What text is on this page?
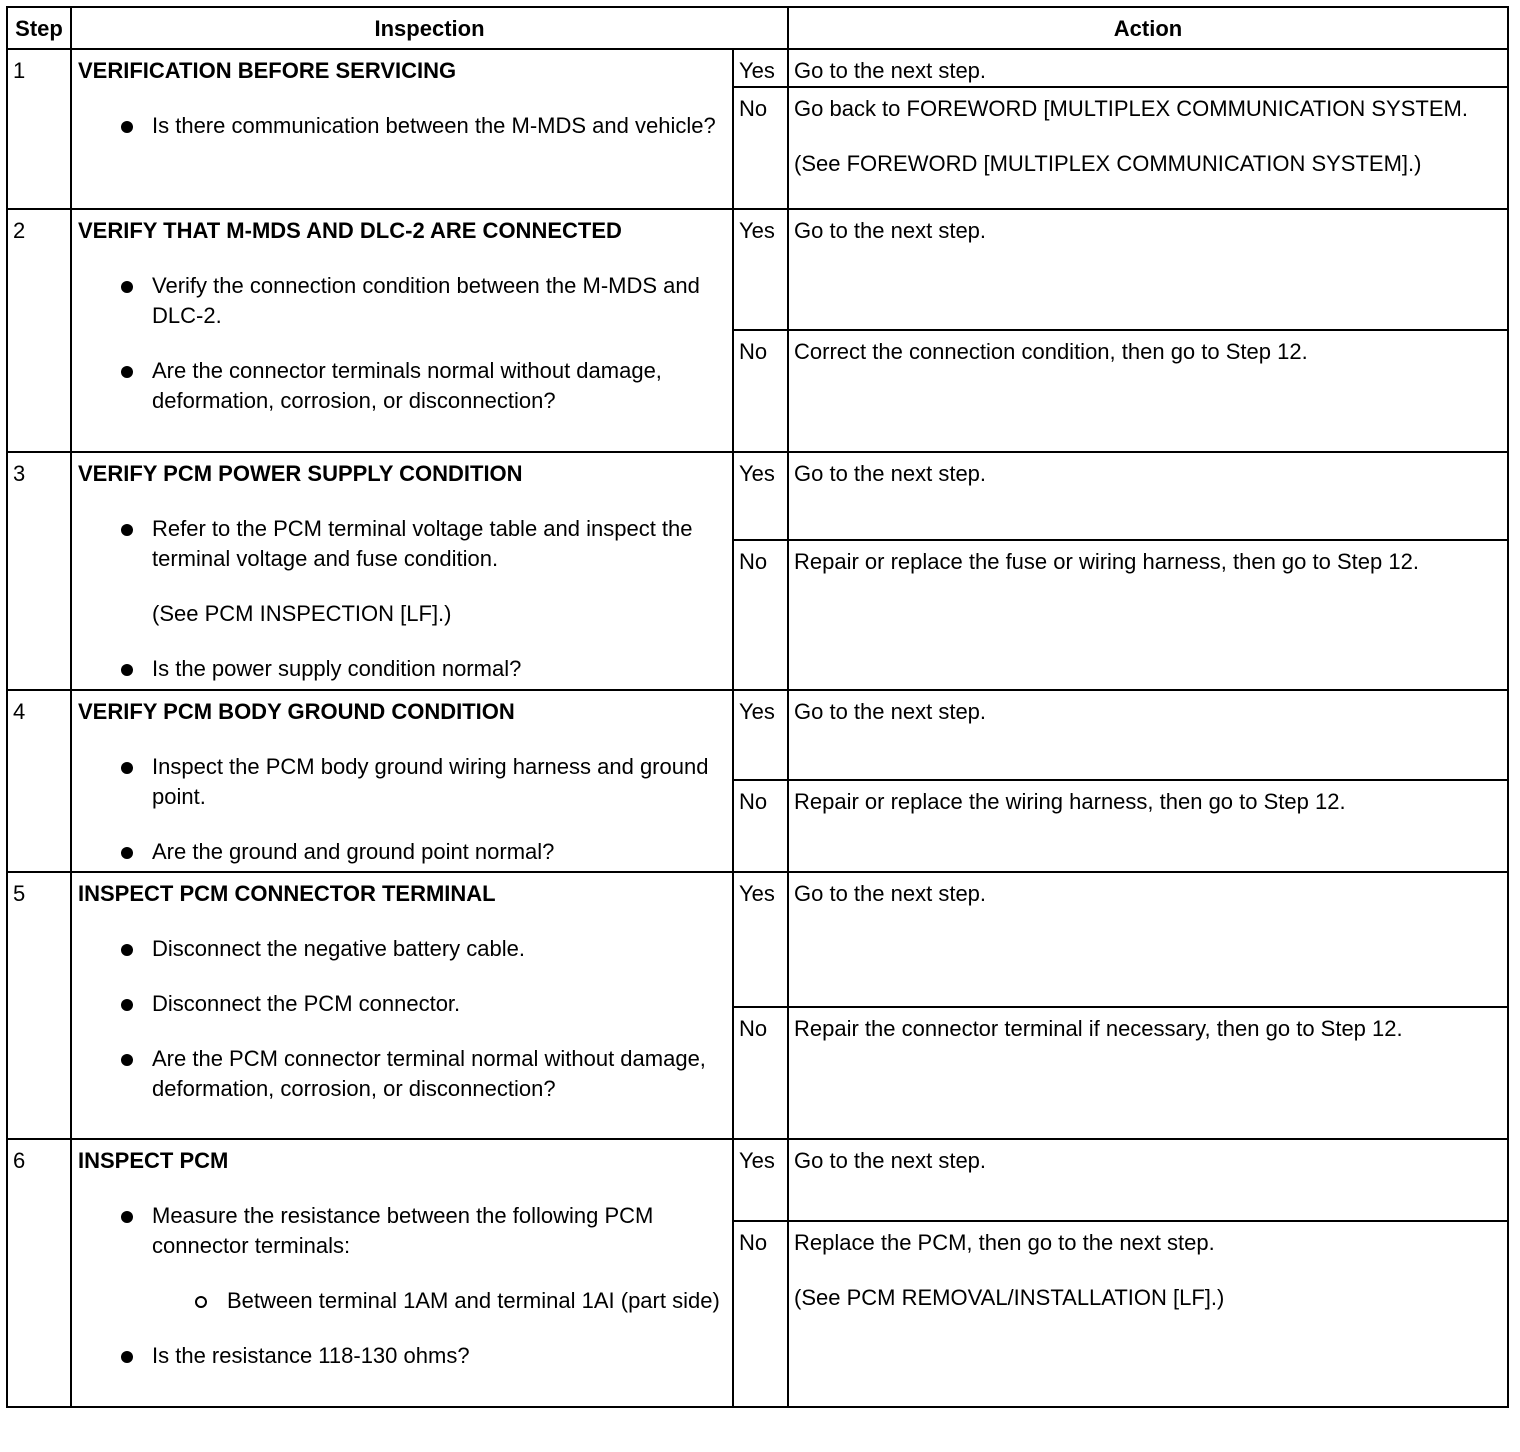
Step	Inspection		Action
1	VERIFICATION BEFORE SERVICING
Is there communication between the M-MDS and vehicle?	Yes	Go to the next step.
		No	Go back to FOREWORD [MULTIPLEX COMMUNICATION SYSTEM.
(See FOREWORD [MULTIPLEX COMMUNICATION SYSTEM].)

2	VERIFY THAT M-MDS AND DLC-2 ARE CONNECTED
Verify the connection condition between the M-MDS and DLC-2.
Are the connector terminals normal without damage, deformation, corrosion, or disconnection?	Yes	Go to the next step.
		No	Correct the connection condition, then go to Step 12.
3	VERIFY PCM POWER SUPPLY CONDITION
Refer to the PCM terminal voltage table and inspect the terminal voltage and fuse condition.
(See PCM INSPECTION [LF].)
Is the power supply condition normal?	Yes	Go to the next step.
		No	Repair or replace the fuse or wiring harness, then go to Step 12.
4	VERIFY PCM BODY GROUND CONDITION
Inspect the PCM body ground wiring harness and ground point.
Are the ground and ground point normal?	Yes	Go to the next step.
		No	Repair or replace the wiring harness, then go to Step 12.
5	INSPECT PCM CONNECTOR TERMINAL
Disconnect the negative battery cable.
Disconnect the PCM connector.
Are the PCM connector terminal normal without damage, deformation, corrosion, or disconnection?	Yes	Go to the next step.
		No	Repair the connector terminal if necessary, then go to Step 12.
6	INSPECT PCM
Measure the resistance between the following PCM connector terminals:
Between terminal 1AM and terminal 1AI (part side)
Is the resistance 118-130 ohms?	Yes	Go to the next step.
		No	Replace the PCM, then go to the next step.
(See PCM REMOVAL/INSTALLATION [LF].)
